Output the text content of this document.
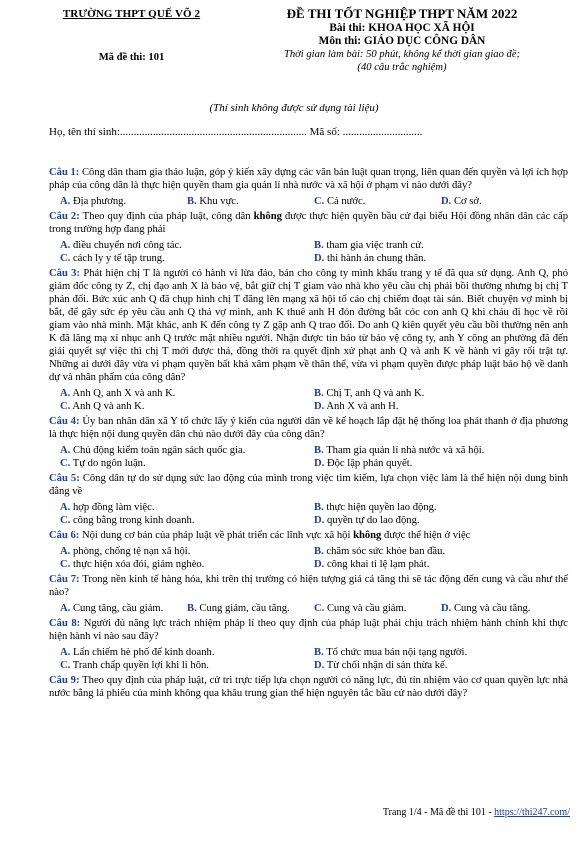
TRƯỜNG THPT QUẾ VÕ 2
Mã đề thi: 101
ĐỀ THI TỐT NGHIỆP THPT NĂM 2022
Bài thi: KHOA HỌC XÃ HỘI
Môn thi: GIÁO DỤC CÔNG DÂN
Thời gian làm bài: 50 phút, không kể thời gian giao đề;
(40 câu trắc nghiệm)
(Thí sinh không được sử dụng tài liệu)
Họ, tên thí sinh:.................................................................... Mã số: .............................

Câu 1: Công dân tham gia thảo luận, góp ý kiến xây dựng các văn bản luật quan trọng, liên quan đến quyền và lợi ích hợp pháp của công dân là thực hiện quyền tham gia quản lí nhà nước và xã hội ở phạm vi nào dưới đây?

A. Địa phương.	B. Khu vực.	C. Cả nước.	D. Cơ sở.

Câu 2: Theo quy định của pháp luật, công dân không được thực hiện quyền bầu cử đại biểu Hội đồng nhân dân các cấp trong trường hợp đang phải

A. điều chuyển nơi công tác.	B. tham gia việc tranh cử.
C. cách ly y tế tập trung.	D. thi hành án chung thân.

Câu 3: Phát hiện chị T là người có hành vi lừa đảo, bán cho công ty mình khẩu trang y tế đã qua sử dụng. Anh Q, phó giám đốc công ty Z, chị đạo anh X là bảo vệ, bắt giữ chị T giam vào nhà kho yêu cầu chị phải bồi thường nhưng bị chị T phản đối. Bức xúc anh Q đã chụp hình chị T đăng lên mạng xã hội tố cáo chị chiếm đoạt tài sản. Biết chuyện vợ mình bị bắt, để gây sức ép yêu cầu anh Q thả vợ mình, anh K thuê anh H đón đường bắt cóc con anh Q khi cháu đi học về rồi giam vào nhà mình. Mặt khác, anh K đến công ty Z gặp anh Q trao đổi. Do anh Q kiên quyết yêu cầu bồi thường nên anh K đã lăng mạ xỉ nhục anh Q trước mặt nhiều người. Nhận được tin báo từ bảo vệ công ty, anh Y công an phường đã đến giải quyết sự việc thì chị T mới được thả, đồng thời ra quyết định xử phạt anh Q và anh K về hành vi gây rối trật tự. Những ai dưới đây vừa vi phạm quyền bất khả xâm phạm về thân thể, vừa vi phạm quyền được pháp luật bảo hộ về danh dự và nhân phẩm của công dân?

A. Anh Q, anh X và anh K.	B. Chị T, anh Q và anh K.
C. Anh Q và anh K.	D. Anh X và anh H.

Câu 4: Ủy ban nhân dân xã Y tổ chức lấy ý kiến của người dân về kế hoạch lắp đặt hệ thống loa phát thanh ở địa phương là thực hiện nội dung quyền dân chủ nào dưới đây của công dân?

A. Chủ động kiểm toán ngân sách quốc gia.	B. Tham gia quản lí nhà nước và xã hội.
C. Tự do ngôn luận.	D. Độc lập phán quyết.

Câu 5: Công dân tự do sử dụng sức lao động của mình trong việc tìm kiếm, lựa chọn việc làm là thể hiện nội dung bình đẳng về

A. hợp đồng làm việc.	B. thực hiện quyền lao động.
C. công bằng trong kinh doanh.	D. quyền tự do lao động.

Câu 6: Nội dung cơ bản của pháp luật về phát triển các lĩnh vực xã hội không được thể hiện ở việc

A. phòng, chống tệ nạn xã hội.	B. chăm sóc sức khỏe ban đầu.
C. thực hiện xóa đói, giảm nghèo.	D. công khai tỉ lệ lạm phát.

Câu 7: Trong nền kinh tế hàng hóa, khi trên thị trường có hiện tượng giá cả tăng thì sẽ tác động đến cung và cầu như thế nào?

A. Cung tăng, cầu giảm.	B. Cung giảm, cầu tăng.	C. Cung và cầu giảm.	D. Cung và cầu tăng.

Câu 8: Người đủ năng lực trách nhiệm pháp lí theo quy định của pháp luật phải chịu trách nhiệm hành chính khi thực hiện hành vi nào sau đây?

A. Lấn chiếm hè phố để kinh doanh.	B. Tổ chức mua bán nội tạng người.
C. Tranh chấp quyền lợi khi li hôn.	D. Từ chối nhận di sản thừa kế.

Câu 9: Theo quy định của pháp luật, cử tri trực tiếp lựa chọn người có năng lực, đủ tín nhiệm vào cơ quan quyền lực nhà nước bằng lá phiếu của mình không qua khâu trung gian thể hiện nguyên tắc bầu cử nào dưới đây?

Trang 1/4 - Mã đề thi 101 - https://thi247.com/
